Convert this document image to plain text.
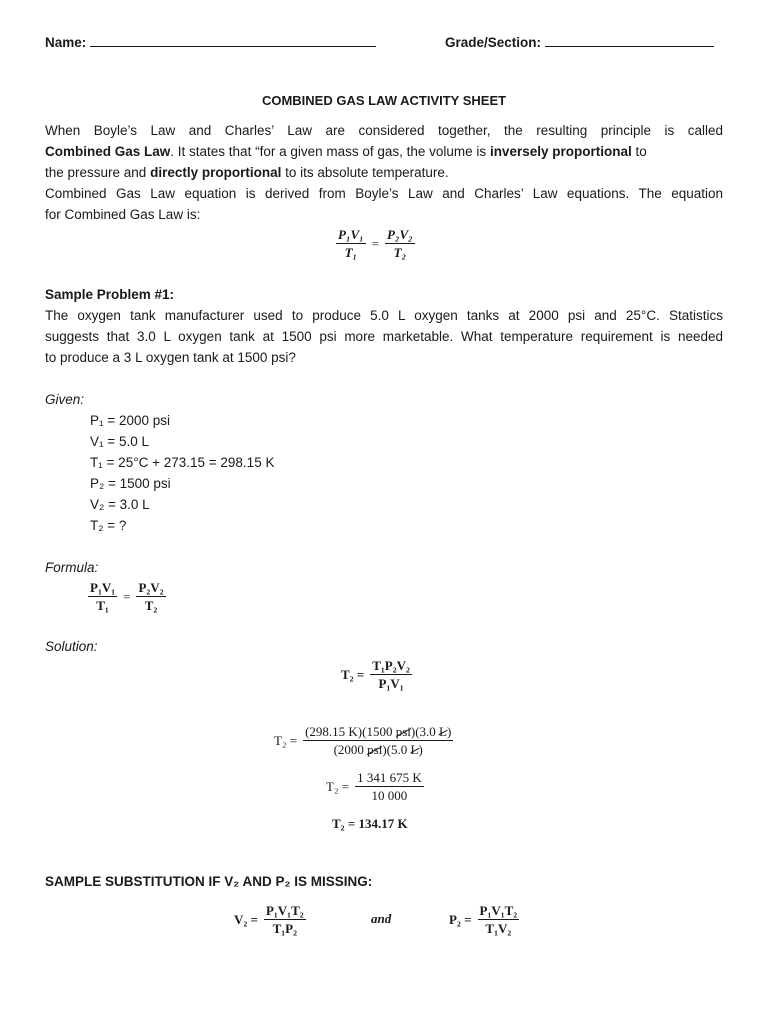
Name:	Grade/Section:
COMBINED GAS LAW ACTIVITY SHEET
When Boyle’s Law and Charles’ Law are considered together, the resulting principle is called
Combined Gas Law. It states that “for a given mass of gas, the volume is inversely proportional to
the pressure and directly proportional to its absolute temperature.
Combined Gas Law equation is derived from Boyle’s Law and Charles’ Law equations. The equation
for Combined Gas Law is:
$\frac{\text{P₁V₁}}{\text{T₁}} = \frac{\text{P₂V₂}}{\text{T₂}}$
Sample Problem #1:
The oxygen tank manufacturer used to produce 5.0 L oxygen tanks at 2000 psi and 25°C. Statistics
suggests that 3.0 L oxygen tank at 1500 psi more marketable. What temperature requirement is needed
to produce a 3 L oxygen tank at 1500 psi?
Given:
P₁ = 2000 psi
V₁ = 5.0 L
T₁ = 25°C + 273.15 = 298.15 K
P₂ = 1500 psi
V₂ = 3.0 L
T₂ = ?
Formula:
$\frac{\text{P₁V₁}}{\text{T₁}} = \frac{\text{P₂V₂}}{\text{T₂}}$
Solution:
$T_2 = \frac{\text{T₁P₂V₂}}{\text{P₁V₁}}$
$T_2 = \frac{\text{(298.15 K)(1500 psi)(3.0 L)}}{\text{(2000 psi)(5.0 L)}}$
$T_2 = \frac{1 341 675 K}{10 000}$
T₂ = 134.17 K
SAMPLE SUBSTITUTION IF V₂ AND P₂ IS MISSING:
$V_2 = \frac{\text{P₁V₁T₂}}{\text{T₁P₂}}$	and	$P_2 = \frac{\text{P₁V₁T₂}}{\text{T₁V₂}}$
